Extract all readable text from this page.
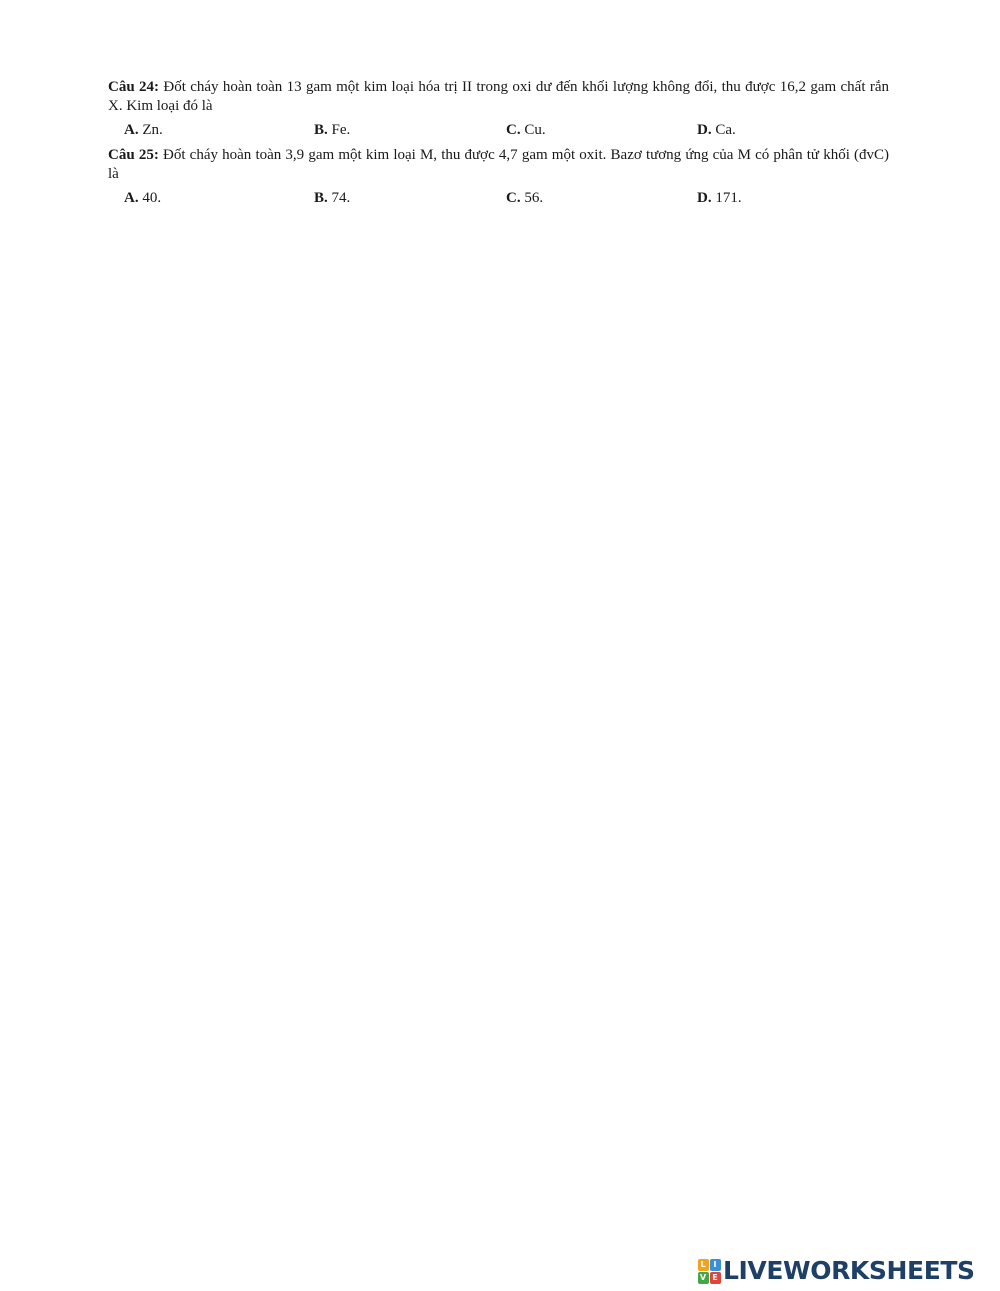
Câu 24: Đốt cháy hoàn toàn 13 gam một kim loại hóa trị II trong oxi dư đến khối lượng không đổi, thu được 16,2 gam chất rắn X. Kim loại đó là
A. Zn.	B. Fe.	C. Cu.	D. Ca.
Câu 25: Đốt cháy hoàn toàn 3,9 gam một kim loại M, thu được 4,7 gam một oxit. Bazơ tương ứng của M có phân tử khối (đvC) là
A. 40.	B. 74.	C. 56.	D. 171.
L I
V E LIVEWORKSHEETS
